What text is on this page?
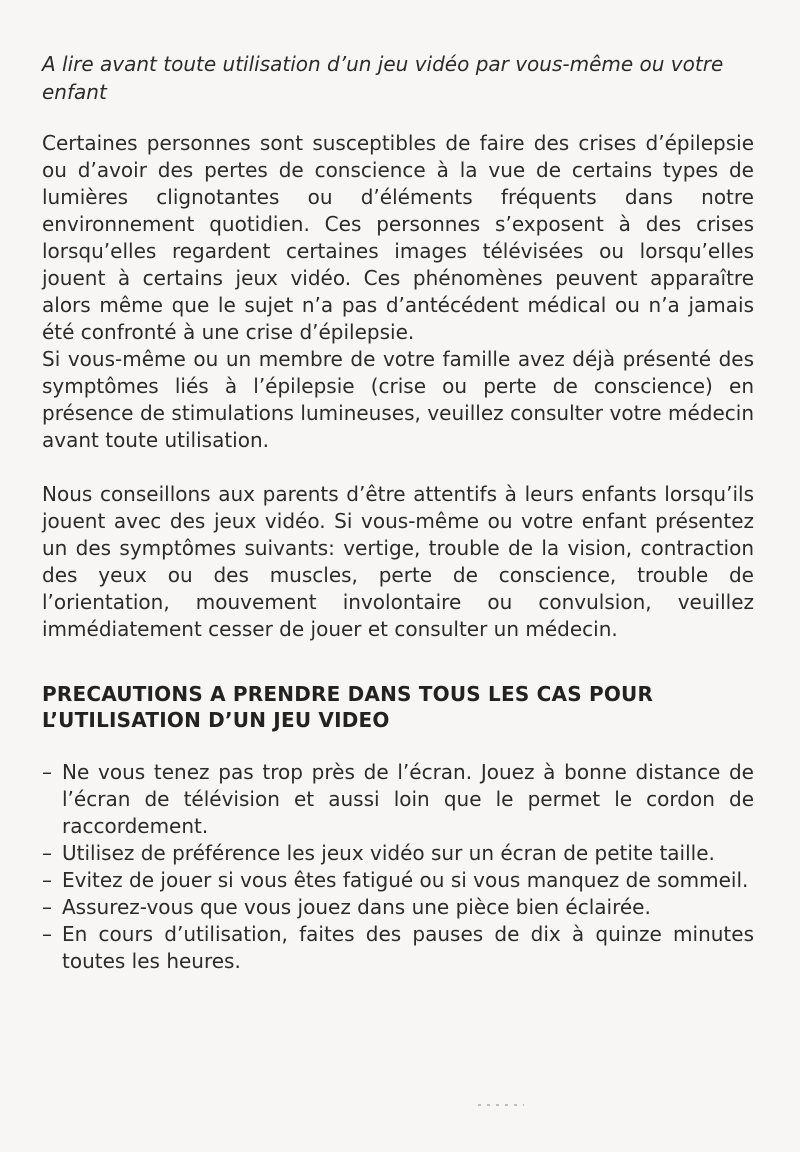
A lire avant toute utilisation d’un jeu vidéo par vous-même ou votre enfant

Certaines personnes sont susceptibles de faire des crises d’épilepsie ou d’avoir des pertes de conscience à la vue de certains types de lumières clignotantes ou d’éléments fréquents dans notre environnement quotidien. Ces personnes s’exposent à des crises lorsqu’elles regardent certaines images télévisées ou lorsqu’elles jouent à certains jeux vidéo. Ces phénomènes peuvent apparaître alors même que le sujet n’a pas d’antécédent médical ou n’a jamais été confronté à une crise d’épilepsie.

Si vous-même ou un membre de votre famille avez déjà présenté des symptômes liés à l’épilepsie (crise ou perte de conscience) en présence de stimulations lumineuses, veuillez consulter votre médecin avant toute utilisation.

Nous conseillons aux parents d’être attentifs à leurs enfants lorsqu’ils jouent avec des jeux vidéo. Si vous-même ou votre enfant présentez un des symptômes suivants: vertige, trouble de la vision, contraction des yeux ou des muscles, perte de conscience, trouble de l’orientation, mouvement involontaire ou convulsion, veuillez immédiatement cesser de jouer et consulter un médecin.

PRECAUTIONS A PRENDRE DANS TOUS LES CAS POUR L’UTILISATION D’UN JEU VIDEO
– Ne vous tenez pas trop près de l’écran. Jouez à bonne distance de l’écran de télévision et aussi loin que le permet le cordon de raccordement.
– Utilisez de préférence les jeux vidéo sur un écran de petite taille.
– Evitez de jouer si vous êtes fatigué ou si vous manquez de sommeil.
– Assurez-vous que vous jouez dans une pièce bien éclairée.
– En cours d’utilisation, faites des pauses de dix à quinze minutes toutes les heures.
